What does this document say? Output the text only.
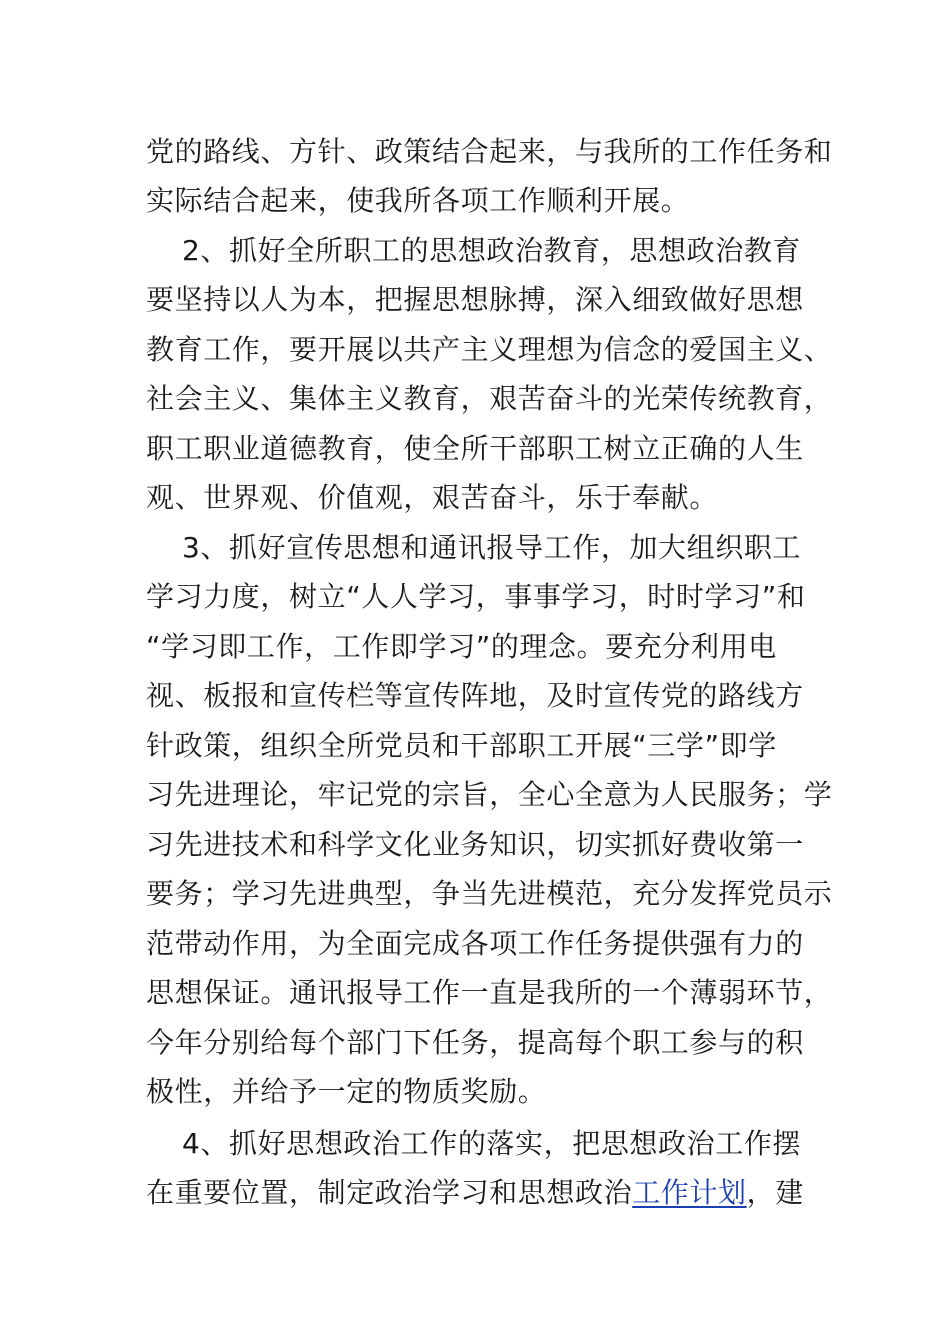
党的路线、方针、政策结合起来，与我所的工作任务和
实际结合起来，使我所各项工作顺利开展。
2、抓好全所职工的思想政治教育，思想政治教育
要坚持以人为本，把握思想脉搏，深入细致做好思想
教育工作，要开展以共产主义理想为信念的爱国主义、
社会主义、集体主义教育，艰苦奋斗的光荣传统教育，
职工职业道德教育，使全所干部职工树立正确的人生
观、世界观、价值观，艰苦奋斗，乐于奉献。
3、抓好宣传思想和通讯报导工作，加大组织职工
学习力度，树立“人人学习，事事学习，时时学习”和
“学习即工作，工作即学习”的理念。要充分利用电
视、板报和宣传栏等宣传阵地，及时宣传党的路线方
针政策，组织全所党员和干部职工开展“三学”即学
习先进理论，牢记党的宗旨，全心全意为人民服务；学
习先进技术和科学文化业务知识，切实抓好费收第一
要务；学习先进典型，争当先进模范，充分发挥党员示
范带动作用，为全面完成各项工作任务提供强有力的
思想保证。通讯报导工作一直是我所的一个薄弱环节，
今年分别给每个部门下任务，提高每个职工参与的积
极性，并给予一定的物质奖励。
4、抓好思想政治工作的落实，把思想政治工作摆
在重要位置，制定政治学习和思想政治工作计划，建
